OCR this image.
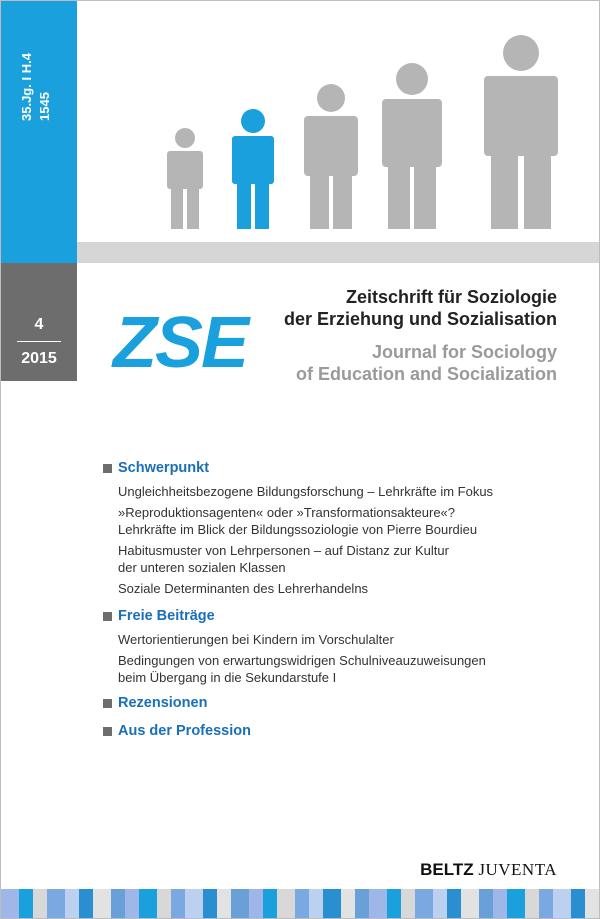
35.Jg. I H.4 1545
4
2015 ZSE
Zeitschrift für Soziologie
der Erziehung und Sozialisation
Journal for Sociology
of Education and Socialization
Schwerpunkt
Ungleichheitsbezogene Bildungsforschung – Lehrkräfte im Fokus
»Reproduktionsagenten« oder »Transformationsakteure«?
Lehrkräfte im Blick der Bildungssoziologie von Pierre Bourdieu
Habitusmuster von Lehrpersonen – auf Distanz zur Kultur
der unteren sozialen Klassen
Soziale Determinanten des Lehrerhandelns
Freie Beiträge
Wertorientierungen bei Kindern im Vorschulalter
Bedingungen von erwartungswidrigen Schulniveauzuweisungen
beim Übergang in die Sekundarstufe I
Rezensionen
Aus der Profession
BELTZ JUVENTA
